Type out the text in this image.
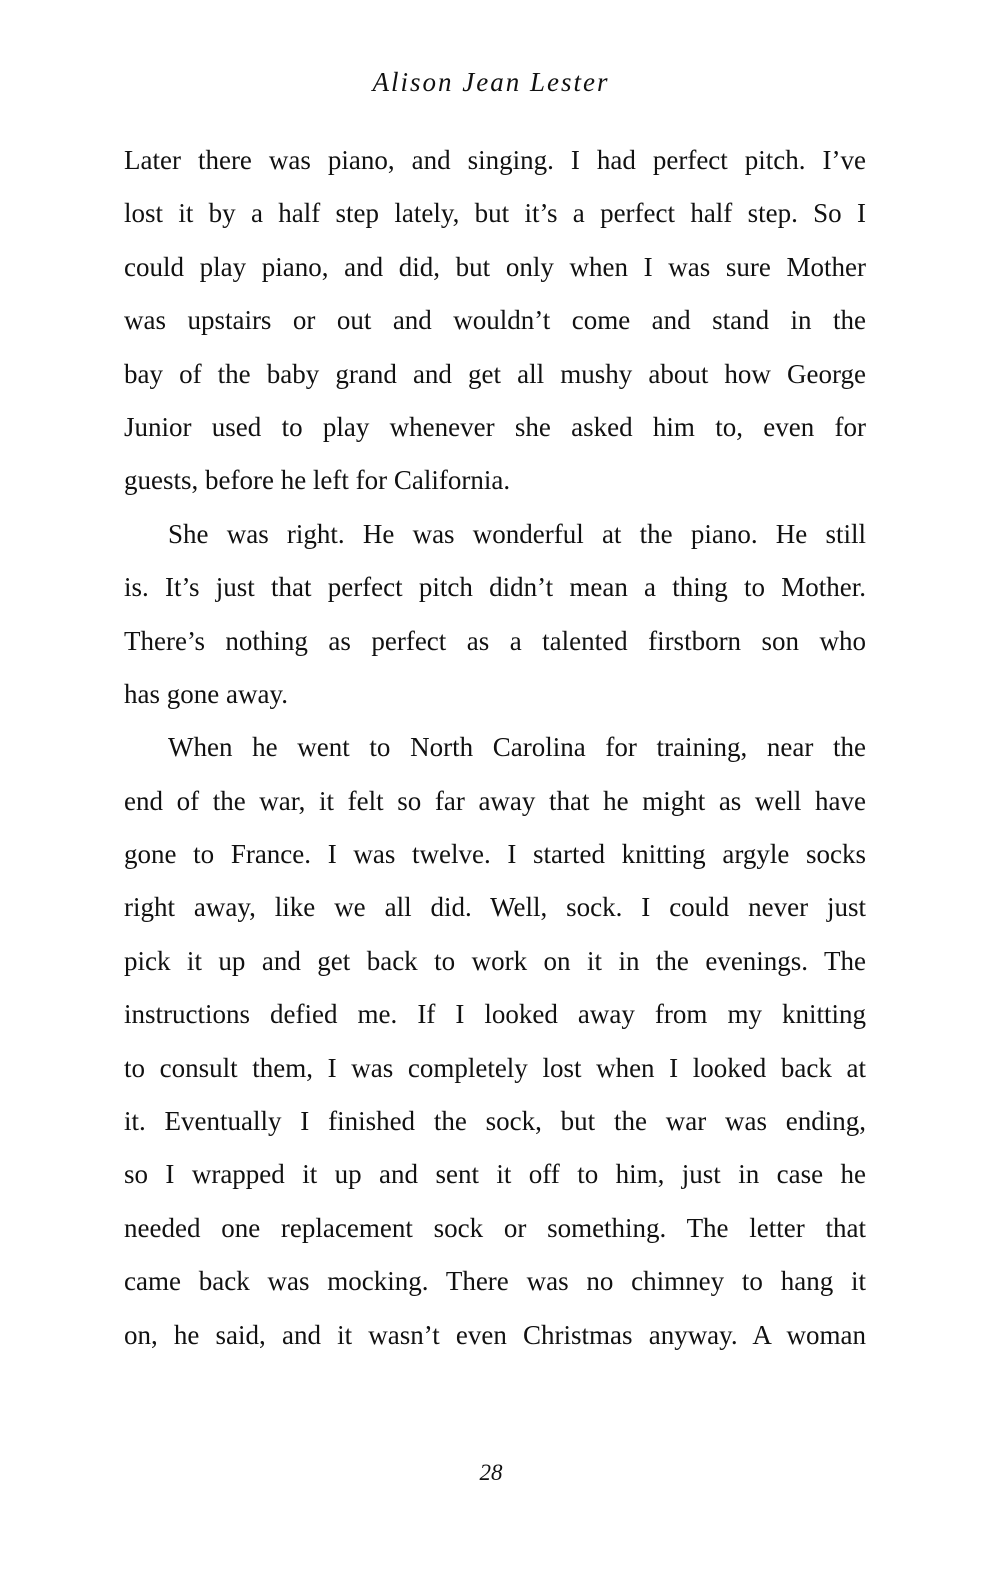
Alison Jean Lester
Later there was piano, and singing. I had perfect pitch. I’ve
lost it by a half step lately, but it’s a perfect half step. So I
could play piano, and did, but only when I was sure Mother
was upstairs or out and wouldn’t come and stand in the
bay of the baby grand and get all mushy about how George
Junior used to play whenever she asked him to, even for
guests, before he left for California.
She was right. He was wonderful at the piano. He still
is. It’s just that perfect pitch didn’t mean a thing to Mother.
There’s nothing as perfect as a talented firstborn son who
has gone away.
When he went to North Carolina for training, near the
end of the war, it felt so far away that he might as well have
gone to France. I was twelve. I started knitting argyle socks
right away, like we all did. Well, sock. I could never just
pick it up and get back to work on it in the evenings. The
instructions defied me. If I looked away from my knitting
to consult them, I was completely lost when I looked back at
it. Eventually I finished the sock, but the war was ending,
so I wrapped it up and sent it off to him, just in case he
needed one replacement sock or something. The letter that
came back was mocking. There was no chimney to hang it
on, he said, and it wasn’t even Christmas anyway. A woman
28
